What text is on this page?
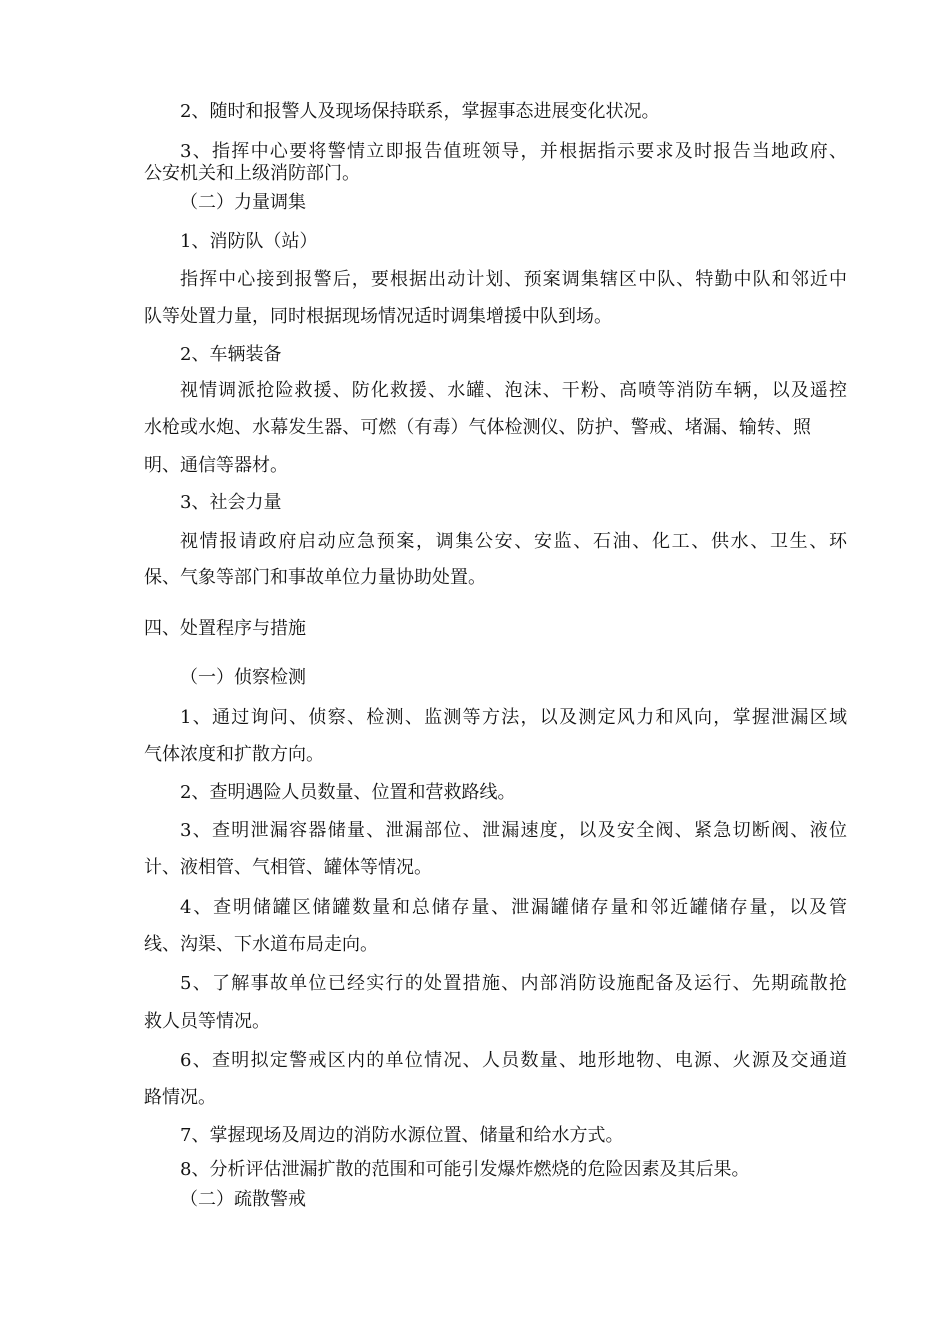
2、随时和报警人及现场保持联系，掌握事态进展变化状况。
3、指挥中心要将警情立即报告值班领导，并根据指示要求及时报告当地政府、
公安机关和上级消防部门。
（二）力量调集
1、消防队（站）
指挥中心接到报警后，要根据出动计划、预案调集辖区中队、特勤中队和邻近中
队等处置力量，同时根据现场情况适时调集增援中队到场。
2、车辆装备
视情调派抢险救援、防化救援、水罐、泡沫、干粉、高喷等消防车辆，以及遥控
水枪或水炮、水幕发生器、可燃（有毒）气体检测仪、防护、警戒、堵漏、输转、照
明、通信等器材。
3、社会力量
视情报请政府启动应急预案，调集公安、安监、石油、化工、供水、卫生、环
保、气象等部门和事故单位力量协助处置。
四、处置程序与措施
（一）侦察检测
1、通过询问、侦察、检测、监测等方法，以及测定风力和风向，掌握泄漏区域
气体浓度和扩散方向。
2、查明遇险人员数量、位置和营救路线。
3、查明泄漏容器储量、泄漏部位、泄漏速度，以及安全阀、紧急切断阀、液位
计、液相管、气相管、罐体等情况。
4、查明储罐区储罐数量和总储存量、泄漏罐储存量和邻近罐储存量，以及管
线、沟渠、下水道布局走向。
5、了解事故单位已经实行的处置措施、内部消防设施配备及运行、先期疏散抢
救人员等情况。
6、查明拟定警戒区内的单位情况、人员数量、地形地物、电源、火源及交通道
路情况。
7、掌握现场及周边的消防水源位置、储量和给水方式。
8、分析评估泄漏扩散的范围和可能引发爆炸燃烧的危险因素及其后果。
（二）疏散警戒
